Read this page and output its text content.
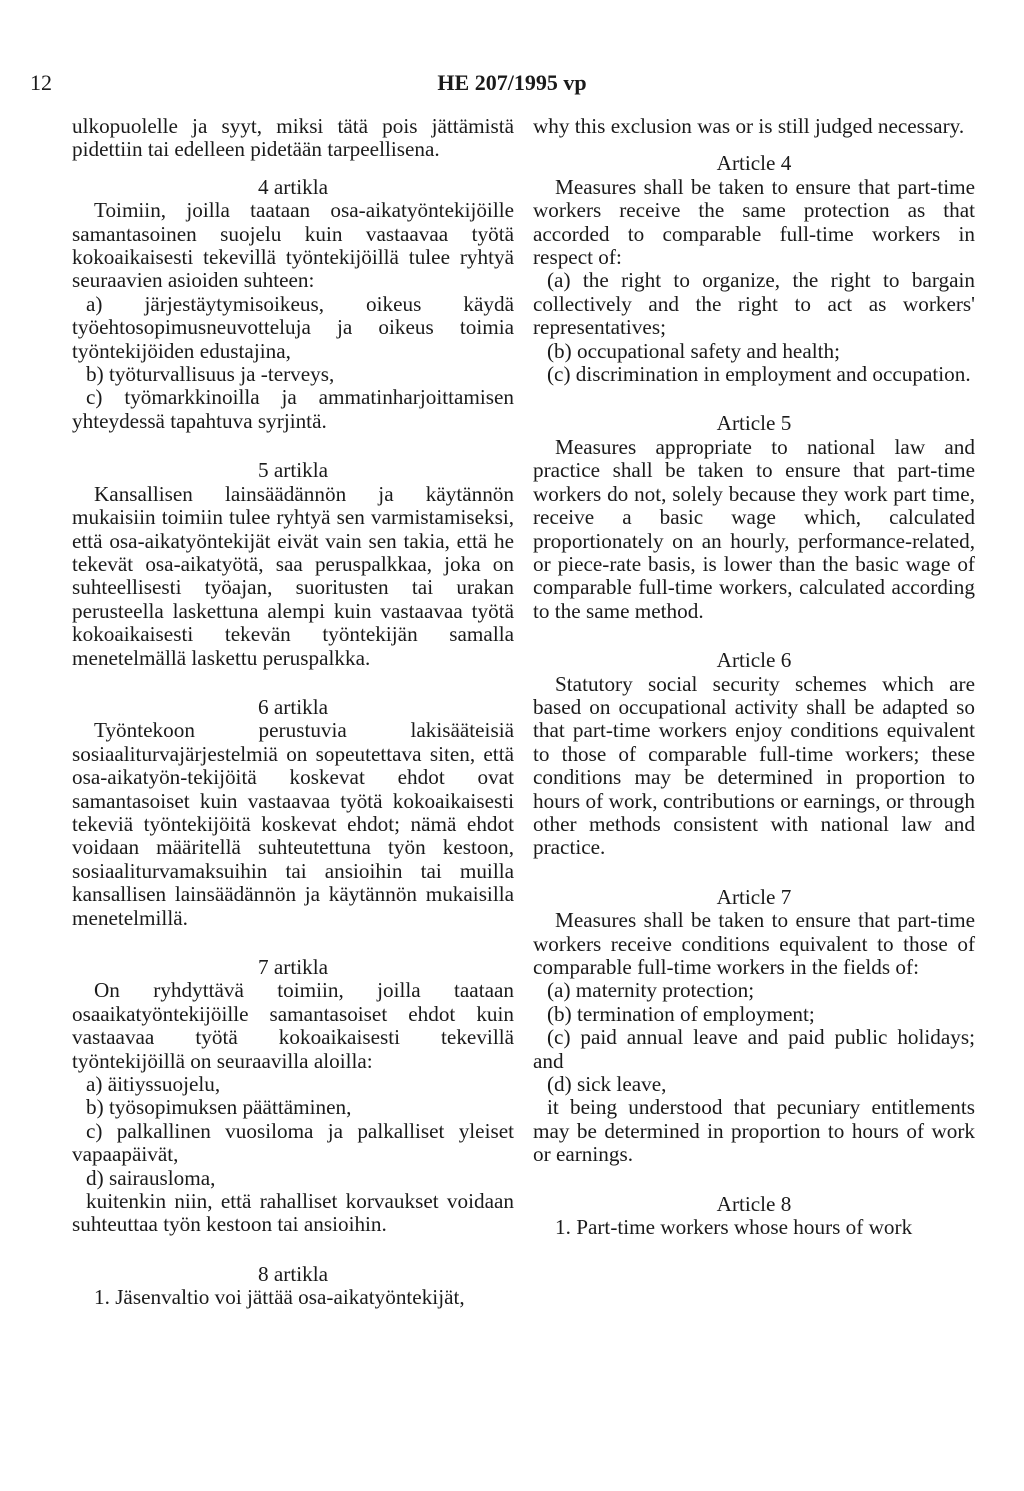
12	HE 207/1995 vp

ulkopuolelle ja syyt, miksi tätä pois jättämistä pidettiin tai edelleen pidetään tarpeellisena.

4 artikla

Toimiin, joilla taataan osa-aikatyöntekijöille samantasoinen suojelu kuin vastaavaa työtä kokoaikaisesti tekevillä työntekijöillä tulee ryhtyä seuraavien asioiden suhteen:

a) järjestäytymisoikeus, oikeus käydä työehtosopimusneuvotteluja ja oikeus toimia työntekijöiden edustajina,

b) työturvallisuus ja -terveys,

c) työmarkkinoilla ja ammatinharjoittamisen yhteydessä tapahtuva syrjintä.

5 artikla

Kansallisen lainsäädännön ja käytännön mukaisiin toimiin tulee ryhtyä sen varmistamiseksi, että osa-aikatyöntekijät eivät vain sen takia, että he tekevät osa-aikatyötä, saa peruspalkkaa, joka on suhteellisesti työajan, suoritusten tai urakan perusteella laskettuna alempi kuin vastaavaa työtä kokoaikaisesti tekevän työntekijän samalla menetelmällä laskettu peruspalkka.

6 artikla

Työntekoon perustuvia lakisääteisiä sosiaaliturvajärjestelmiä on sopeutettava siten, että osa-aikatyön-tekijöitä koskevat ehdot ovat samantasoiset kuin vastaavaa työtä kokoaikaisesti tekeviä työntekijöitä koskevat ehdot; nämä ehdot voidaan määritellä suhteutettuna työn kestoon, sosiaaliturvamaksuihin tai ansioihin tai muilla kansallisen lainsäädännön ja käytännön mukaisilla menetelmillä.

7 artikla

On ryhdyttävä toimiin, joilla taataan osaaikatyöntekijöille samantasoiset ehdot kuin vastaavaa työtä kokoaikaisesti tekevillä työntekijöillä on seuraavilla aloilla:

a) äitiyssuojelu,

b) työsopimuksen päättäminen,

c) palkallinen vuosiloma ja palkalliset yleiset vapaapäivät,

d) sairausloma,

kuitenkin niin, että rahalliset korvaukset voidaan suhteuttaa työn kestoon tai ansioihin.

8 artikla

1. Jäsenvaltio voi jättää osa-aikatyöntekijät,

why this exclusion was or is still judged necessary.

Article 4

Measures shall be taken to ensure that part-time workers receive the same protection as that accorded to comparable full-time workers in respect of:

(a) the right to organize, the right to bargain collectively and the right to act as workers' representatives;

(b) occupational safety and health;

(c) discrimination in employment and occupation.

Article 5

Measures appropriate to national law and practice shall be taken to ensure that part-time workers do not, solely because they work part time, receive a basic wage which, calculated proportionately on an hourly, performance-related, or piece-rate basis, is lower than the basic wage of comparable full-time workers, calculated according to the same method.

Article 6

Statutory social security schemes which are based on occupational activity shall be adapted so that part-time workers enjoy conditions equivalent to those of comparable full-time workers; these conditions may be determined in proportion to hours of work, contributions or earnings, or through other methods consistent with national law and practice.

Article 7

Measures shall be taken to ensure that part-time workers receive conditions equivalent to those of comparable full-time workers in the fields of:

(a) maternity protection;

(b) termination of employment;

(c) paid annual leave and paid public holidays; and

(d) sick leave,

it being understood that pecuniary entitlements may be determined in proportion to hours of work or earnings.

Article 8

1. Part-time workers whose hours of work
